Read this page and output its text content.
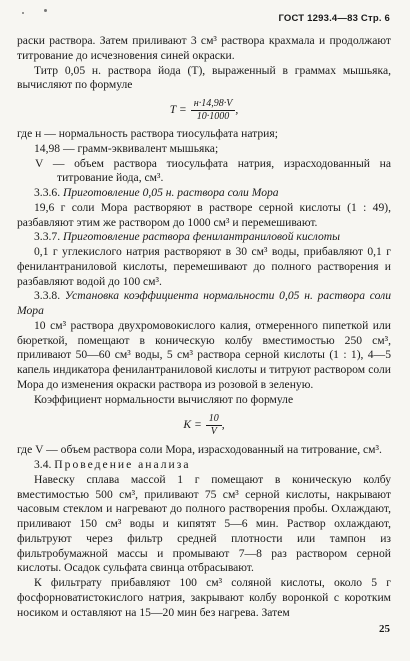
ГОСТ 1293.4—83 Стр. 6

раски раствора. Затем приливают 3 см³ раствора крахмала и продолжают титрование до исчезновения синей окраски.

Титр 0,05 н. раствора йода (T), выраженный в граммах мышьяка, вычисляют по формуле

$T = \frac{н\cdot 14,98\cdot V}{10\cdot 1000}$ ,

где н — нормальность раствора тиосульфата натрия;

14,98 — грамм-эквивалент мышьяка;

V — объем раствора тиосульфата натрия, израсходованный на титрование йода, см³.

3.3.6. Приготовление 0,05 н. раствора соли Мора

19,6 г соли Мора растворяют в растворе серной кислоты (1 : 49), разбавляют этим же раствором до 1000 см³ и перемешивают.

3.3.7. Приготовление раствора фенилантраниловой кислоты

0,1 г углекислого натрия растворяют в 30 см³ воды, прибавляют 0,1 г фенилантраниловой кислоты, перемешивают до полного растворения и разбавляют водой до 100 см³.

3.3.8. Установка коэффициента нормальности 0,05 н. раствора соли Мора

10 см³ раствора двухромовокислого калия, отмеренного пипеткой или бюреткой, помещают в коническую колбу вместимостью 250 см³, приливают 50—60 см³ воды, 5 см³ раствора серной кислоты (1 : 1), 4—5 капель индикатора фенилантраниловой кислоты и титруют раствором соли Мора до изменения окраски раствора из розовой в зеленую.

Коэффициент нормальности вычисляют по формуле

$K = \frac{10}{V}$ ,

где V — объем раствора соли Мора, израсходованный на титрование, см³.

3.4. Проведение анализа

Навеску сплава массой 1 г помещают в коническую колбу вместимостью 500 см³, приливают 75 см³ серной кислоты, накрывают часовым стеклом и нагревают до полного растворения пробы. Охлаждают, приливают 150 см³ воды и кипятят 5—6 мин. Раствор охлаждают, фильтруют через фильтр средней плотности или тампон из фильтробумажной массы и промывают 7—8 раз раствором серной кислоты. Осадок сульфата свинца отбрасывают.

К фильтрату прибавляют 100 см³ соляной кислоты, около 5 г фосфорноватистокислого натрия, закрывают колбу воронкой с коротким носиком и оставляют на 15—20 мин без нагрева. Затем

25
